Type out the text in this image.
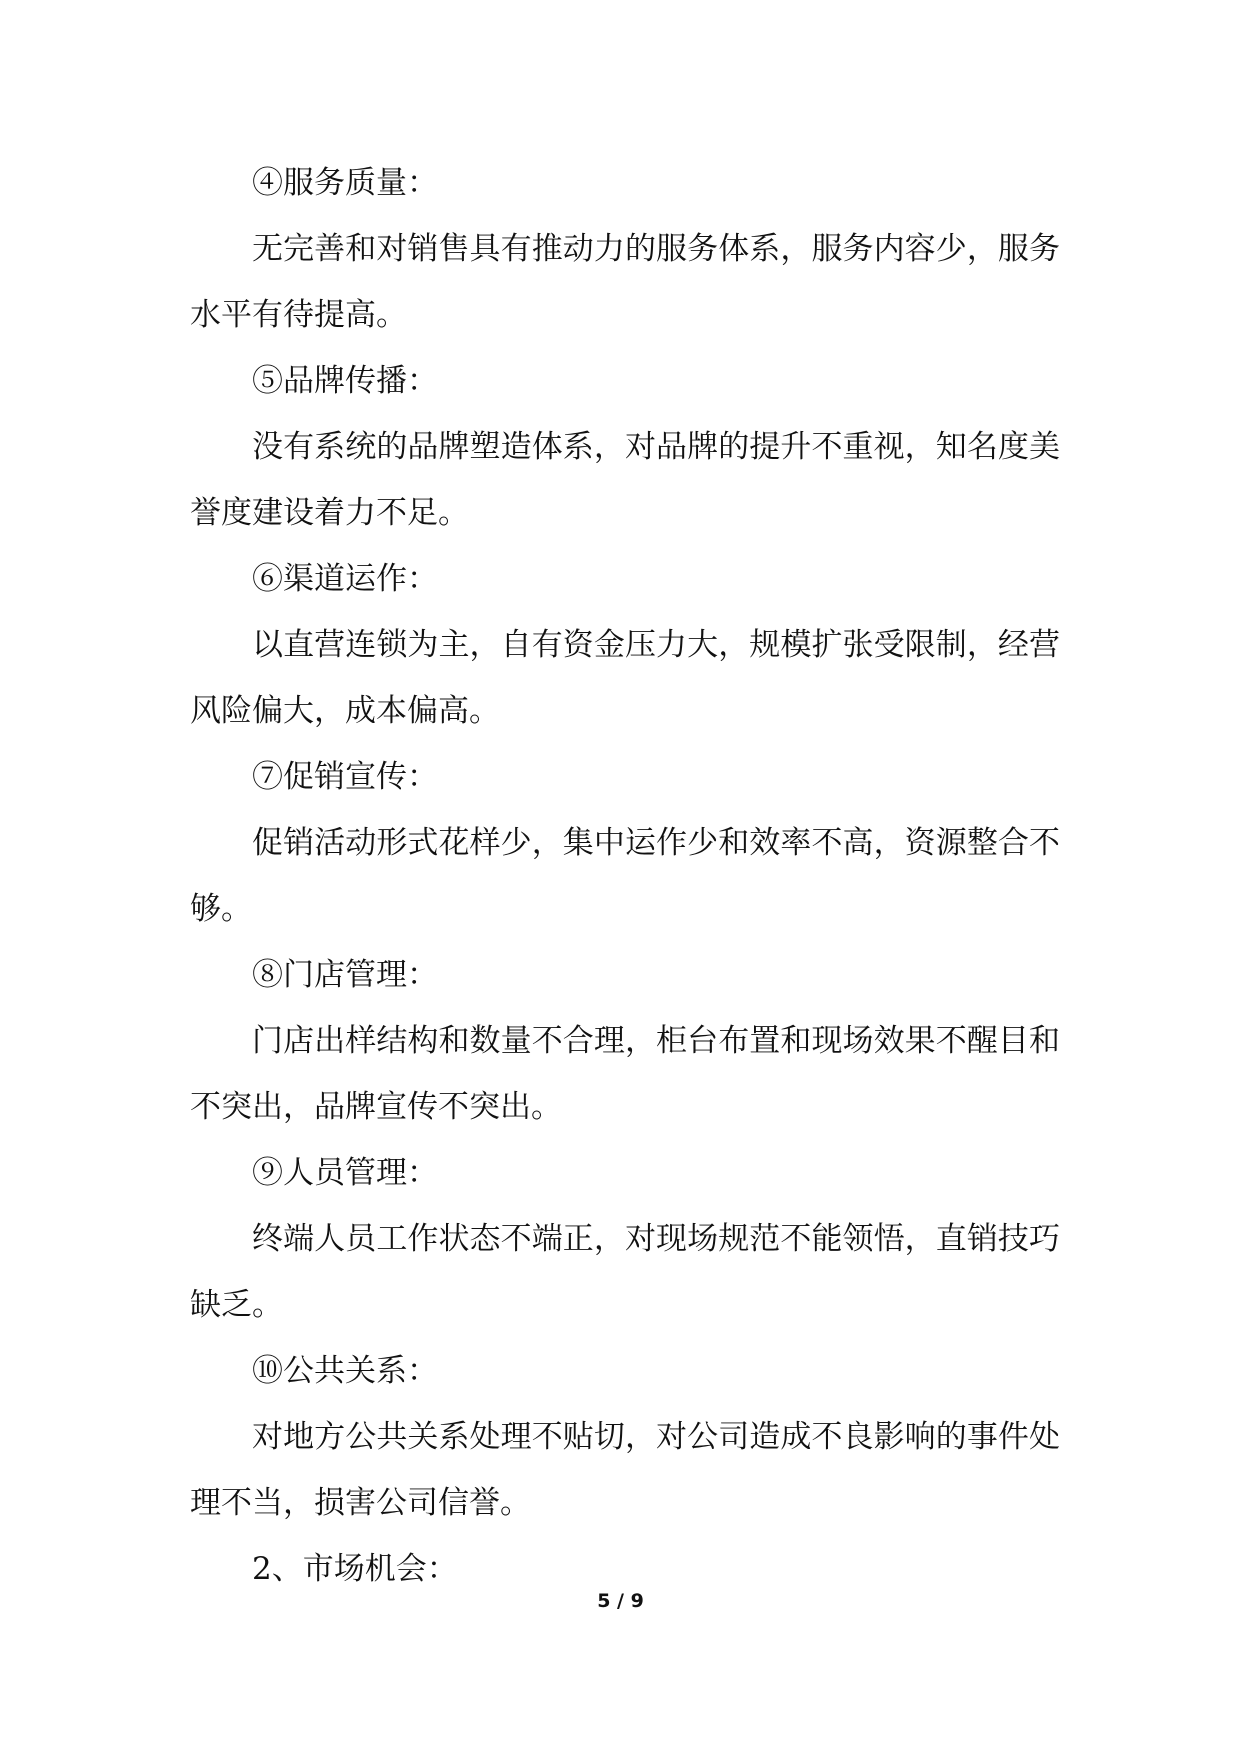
④服务质量：

无完善和对销售具有推动力的服务体系，服务内容少，服务水平有待提高。

⑤品牌传播：

没有系统的品牌塑造体系，对品牌的提升不重视，知名度美誉度建设着力不足。

⑥渠道运作：

以直营连锁为主，自有资金压力大，规模扩张受限制，经营风险偏大，成本偏高。

⑦促销宣传：

促销活动形式花样少，集中运作少和效率不高，资源整合不够。

⑧门店管理：

门店出样结构和数量不合理，柜台布置和现场效果不醒目和不突出，品牌宣传不突出。

⑨人员管理：

终端人员工作状态不端正，对现场规范不能领悟，直销技巧缺乏。

⑩公共关系：

对地方公共关系处理不贴切，对公司造成不良影响的事件处理不当，损害公司信誉。

2、市场机会：

5 / 9
